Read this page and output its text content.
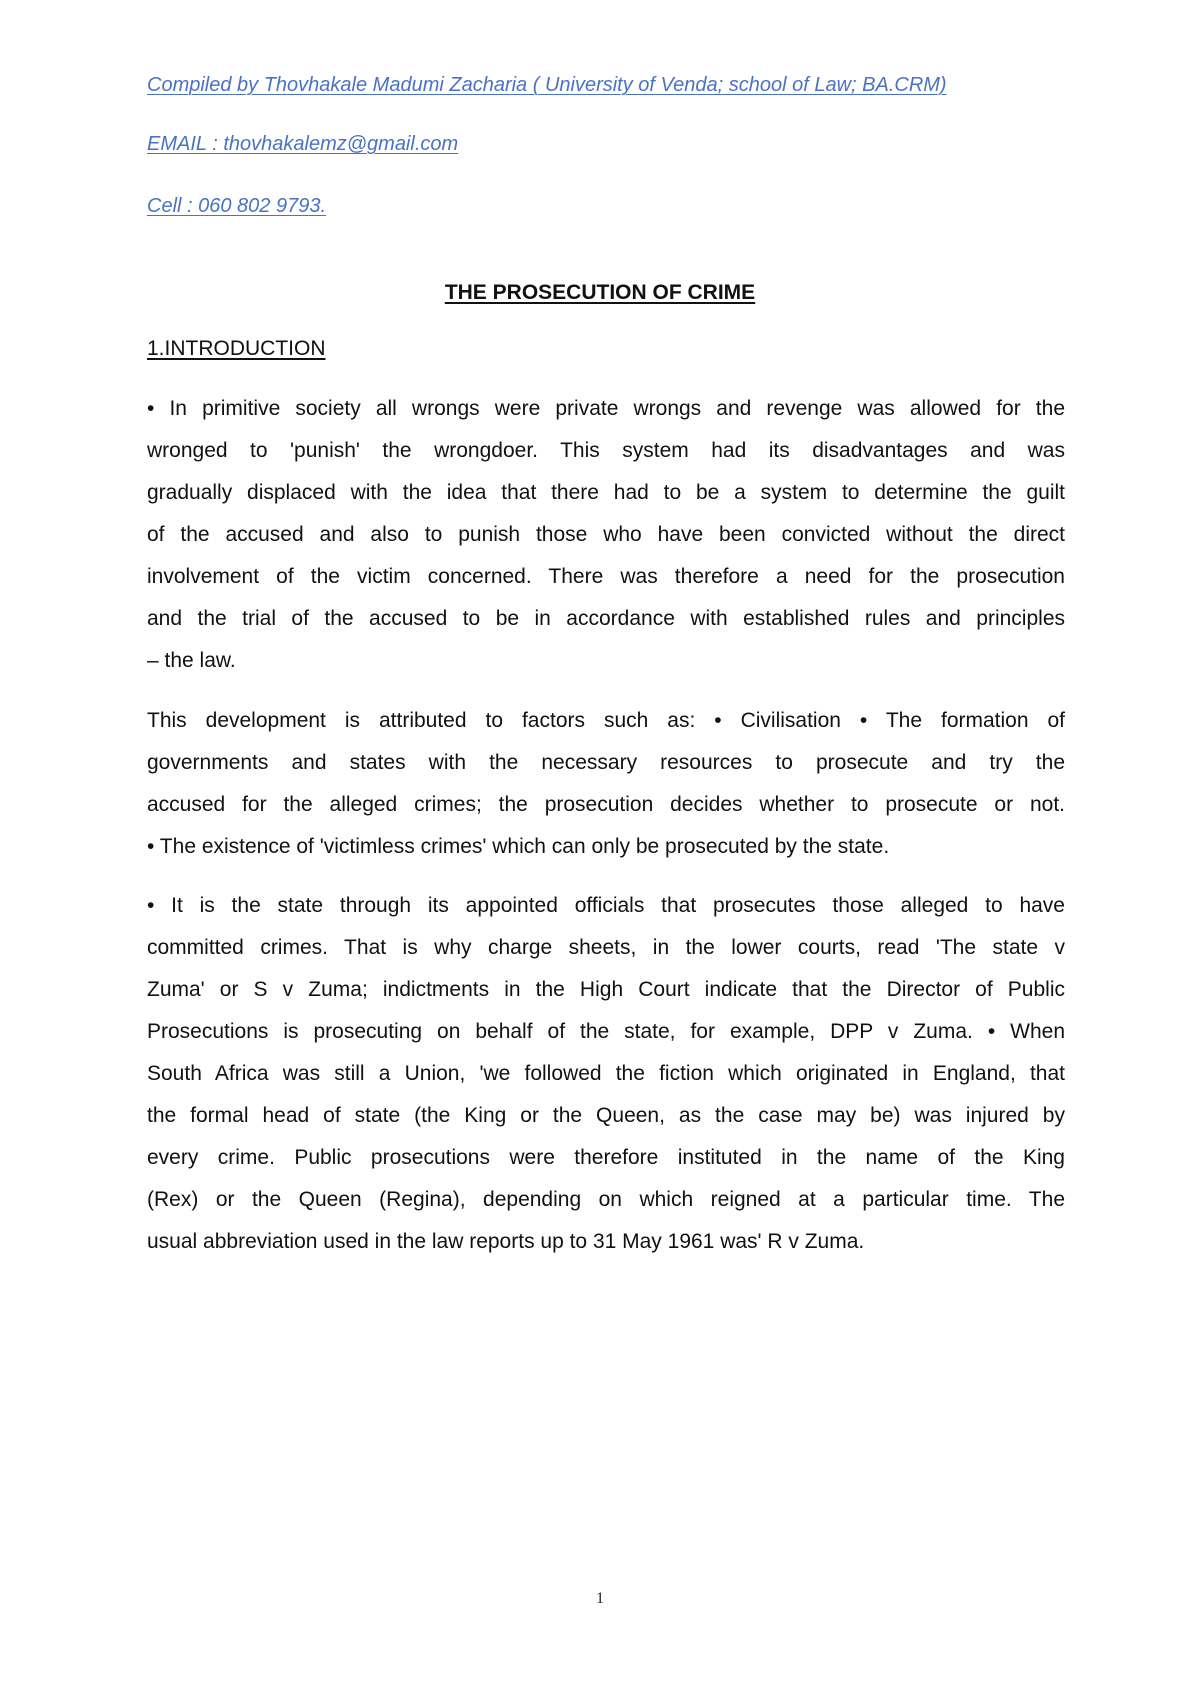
Compiled by Thovhakale Madumi Zacharia ( University of Venda; school of Law; BA.CRM)
EMAIL : thovhakalemz@gmail.com
Cell : 060 802 9793.
THE PROSECUTION OF CRIME
1.INTRODUCTION
• In primitive society all wrongs were private wrongs and revenge was allowed for the
wronged to 'punish' the wrongdoer. This system had its disadvantages and was
gradually displaced with the idea that there had to be a system to determine the guilt
of the accused and also to punish those who have been convicted without the direct
involvement of the victim concerned. There was therefore a need for the prosecution
and the trial of the accused to be in accordance with established rules and principles
– the law.
This development is attributed to factors such as: • Civilisation • The formation of
governments and states with the necessary resources to prosecute and try the
accused for the alleged crimes; the prosecution decides whether to prosecute or not.
• The existence of 'victimless crimes' which can only be prosecuted by the state.
• It is the state through its appointed officials that prosecutes those alleged to have
committed crimes. That is why charge sheets, in the lower courts, read 'The state v
Zuma' or S v Zuma; indictments in the High Court indicate that the Director of Public
Prosecutions is prosecuting on behalf of the state, for example, DPP v Zuma. • When
South Africa was still a Union, 'we followed the fiction which originated in England, that
the formal head of state (the King or the Queen, as the case may be) was injured by
every crime. Public prosecutions were therefore instituted in the name of the King
(Rex) or the Queen (Regina), depending on which reigned at a particular time. The
usual abbreviation used in the law reports up to 31 May 1961 was' R v Zuma.
1
